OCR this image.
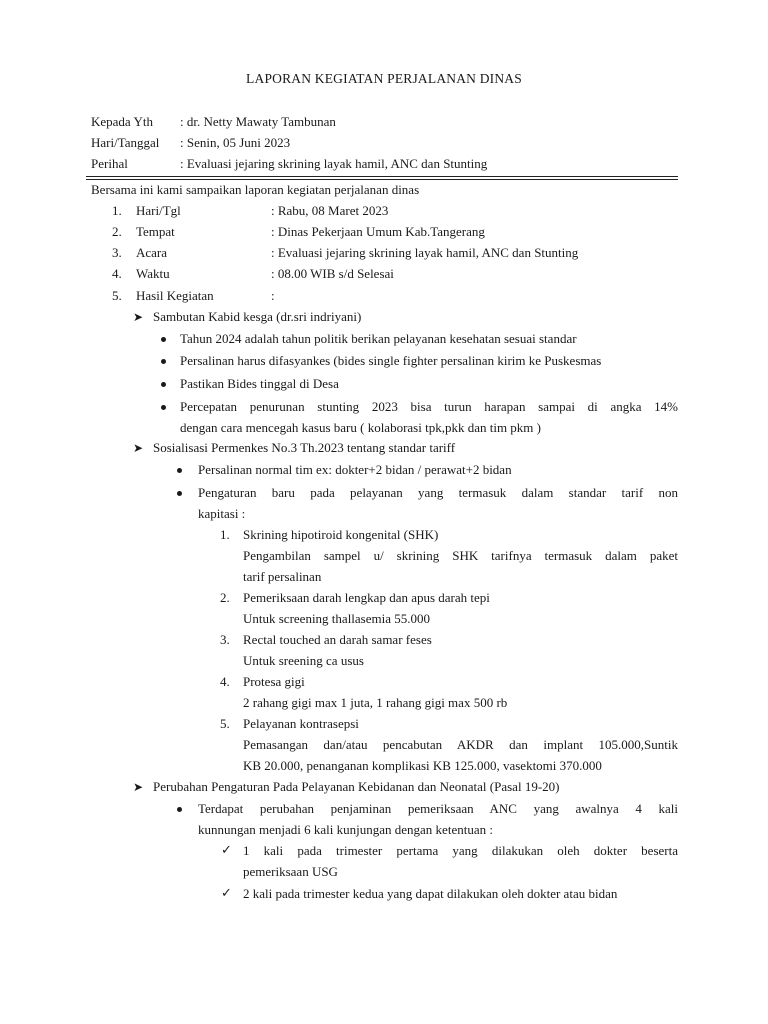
LAPORAN KEGIATAN PERJALANAN DINAS
Kepada Yth : dr. Netty Mawaty Tambunan
Hari/Tanggal : Senin, 05 Juni 2023
Perihal	: Evaluasi jejaring skrining layak hamil, ANC dan Stunting
Bersama ini kami sampaikan laporan kegiatan perjalanan dinas
1. Hari/Tgl	: Rabu, 08 Maret 2023
2. Tempat	: Dinas Pekerjaan Umum Kab.Tangerang
3. Acara	: Evaluasi jejaring skrining layak hamil, ANC dan Stunting
4. Waktu	: 08.00 WIB s/d Selesai
5. Hasil Kegiatan	:
➤ Sambutan Kabid kesga (dr.sri indriyani)
Tahun 2024 adalah tahun politik berikan pelayanan kesehatan sesuai standar
Persalinan harus difasyankes (bides single fighter persalinan kirim ke Puskesmas
Pastikan Bides tinggal di Desa
Percepatan penurunan stunting 2023 bisa turun harapan sampai di angka 14%
dengan cara mencegah kasus baru ( kolaborasi tpk,pkk dan tim pkm )
➤ Sosialisasi Permenkes No.3 Th.2023 tentang standar tariff
Persalinan normal tim ex: dokter+2 bidan / perawat+2 bidan
Pengaturan baru pada pelayanan yang termasuk dalam standar tarif non
kapitasi :
1. Skrining hipotiroid kongenital (SHK)
Pengambilan sampel u/ skrining SHK tarifnya termasuk dalam paket
tarif persalinan
2. Pemeriksaan darah lengkap dan apus darah tepi
Untuk screening thallasemia 55.000
3. Rectal touched an darah samar feses
Untuk sreening ca usus
4. Protesa gigi
2 rahang gigi max 1 juta, 1 rahang gigi max 500 rb
5. Pelayanan kontrasepsi
Pemasangan dan/atau pencabutan AKDR dan implant 105.000,Suntik
KB 20.000, penanganan komplikasi KB 125.000, vasektomi 370.000
➤ Perubahan Pengaturan Pada Pelayanan Kebidanan dan Neonatal (Pasal 19-20)
Terdapat perubahan penjaminan pemeriksaan ANC yang awalnya 4 kali
kunnungan menjadi 6 kali kunjungan dengan ketentuan :
✓ 1 kali pada trimester pertama yang dilakukan oleh dokter beserta
pemeriksaan USG
✓ 2 kali pada trimester kedua yang dapat dilakukan oleh dokter atau bidan
